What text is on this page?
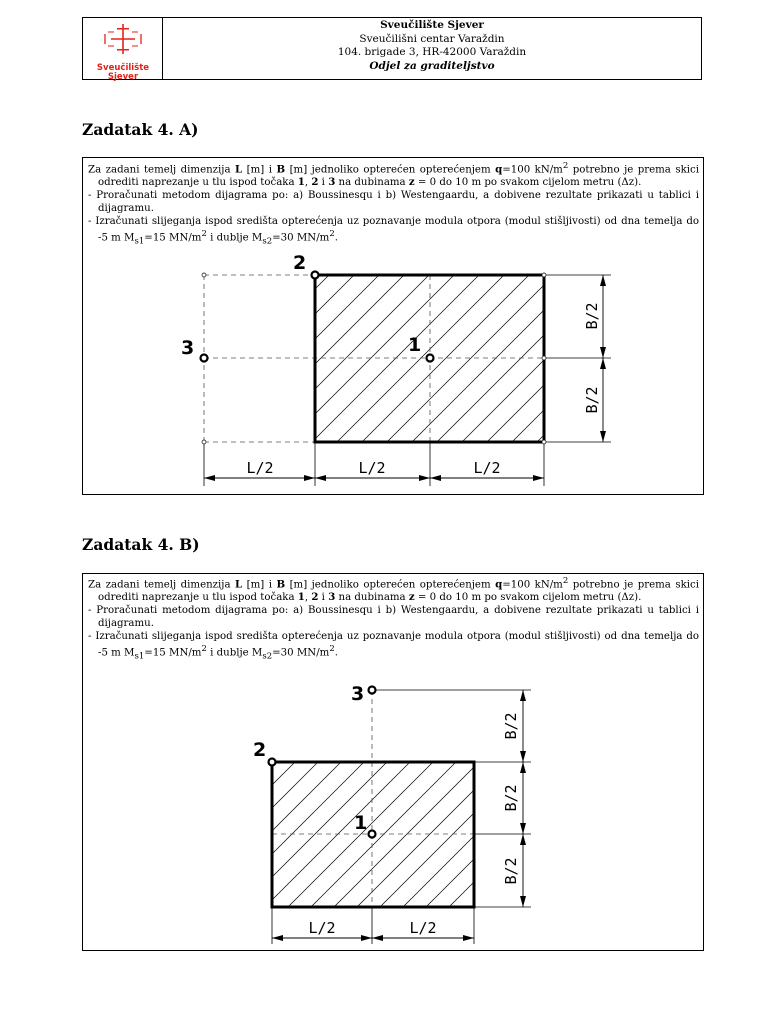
Sveučilište
Sjever
Sveučilište Sjever
Sveučilišni centar Varaždin
104. brigade 3, HR-42000 Varaždin
Odjel za graditeljstvo
Zadatak 4. A)

Za zadani temelj dimenzija L [m] i B [m] jednoliko opterećen opterećenjem q=100 $kN/m^2$ potrebno je prema skici odrediti naprezanje u tlu ispod točaka 1, 2 i 3 na dubinama z = 0 do 10 m po svakom cijelom metru (Δz).

- Proračunati metodom dijagrama po: a) Boussinesqu i b) Westengaardu, a dobivene rezultate prikazati u tablici i dijagramu.

- Izračunati slijeganja ispod središta opterećenja uz poznavanje modula otpora (modul stišljivosti) od dna temelja do -5 m $M_{s1}=15$ $MN/m^2$ i dublje $M_{s2}=30$ $MN/m^2$.

L/2	L/2	L/2
B/2
B/2
1
2
3
Zadatak 4. B)

Za zadani temelj dimenzija L [m] i B [m] jednoliko opterećen opterećenjem q=100 $kN/m^2$ potrebno je prema skici odrediti naprezanje u tlu ispod točaka 1, 2 i 3 na dubinama z = 0 do 10 m po svakom cijelom metru (Δz).

- Proračunati metodom dijagrama po: a) Boussinesqu i b) Westengaardu, a dobivene rezultate prikazati u tablici i dijagramu.

- Izračunati slijeganja ispod središta opterećenja uz poznavanje modula otpora (modul stišljivosti) od dna temelja do -5 m $M_{s1}=15$ $MN/m^2$ i dublje $M_{s2}=30$ $MN/m^2$.

L/2	L/2
B/2
B/2
B/2
1
2
3
